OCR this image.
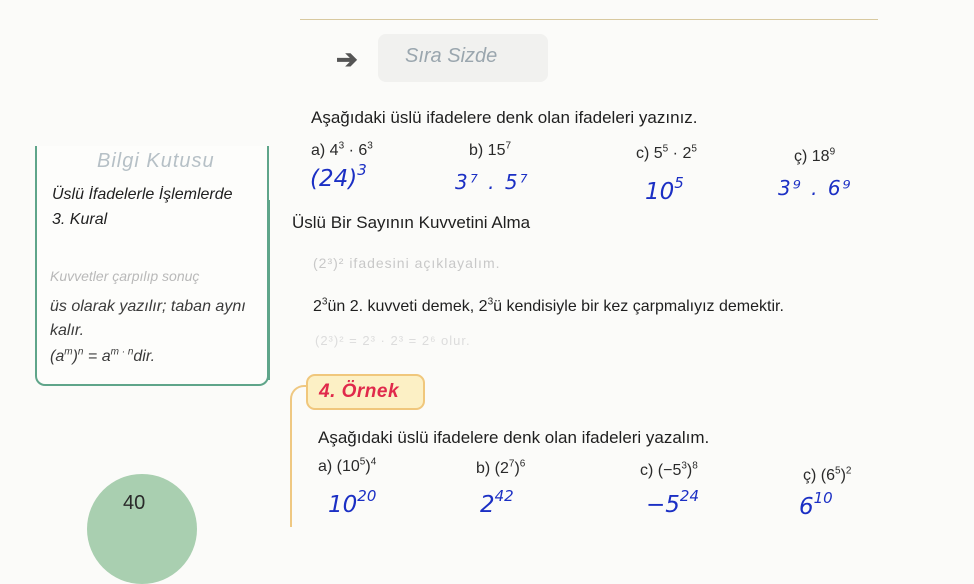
➔ Sıra Sizde
Aşağıdaki üslü ifadelere denk olan ifadeleri yazınız.
a) $4^3 \cdot 6^3$
$(24)^3$
b) $15^7$
3⁷ . 5⁷
c) $5^5 \cdot 2^5$
$10^5$
ç) $18^9$
3⁹ . 6⁹
Üslü Bir Sayının Kuvvetini Alma
(2³)² ifadesini açıklayalım.
$2^3ün$ 2. kuvveti demek, $2^3ü$ kendisiyle bir kez çarpmalıyız demektir.
(2³)² = 2³ · 2³ = 2⁶ olur.
Bilgi Kutusu
Üslü İfadelerle İşlemlerde
3. Kural
Kuvvetler çarpılıp sonuç
üs olarak yazılır; taban aynı
kalır.
$(a^m)^n = a^{m \cdot n}dir$.
4. Örnek
Aşağıdaki üslü ifadelere denk olan ifadeleri yazalım.
a) $(10^5)^4$
$10^{20}$
b) $(2^7)^6$
$2^{42}$
c) $(-5^3)^8$
$-5^{24}$
ç) $(6^5)^2$
$6^{10}$
40
